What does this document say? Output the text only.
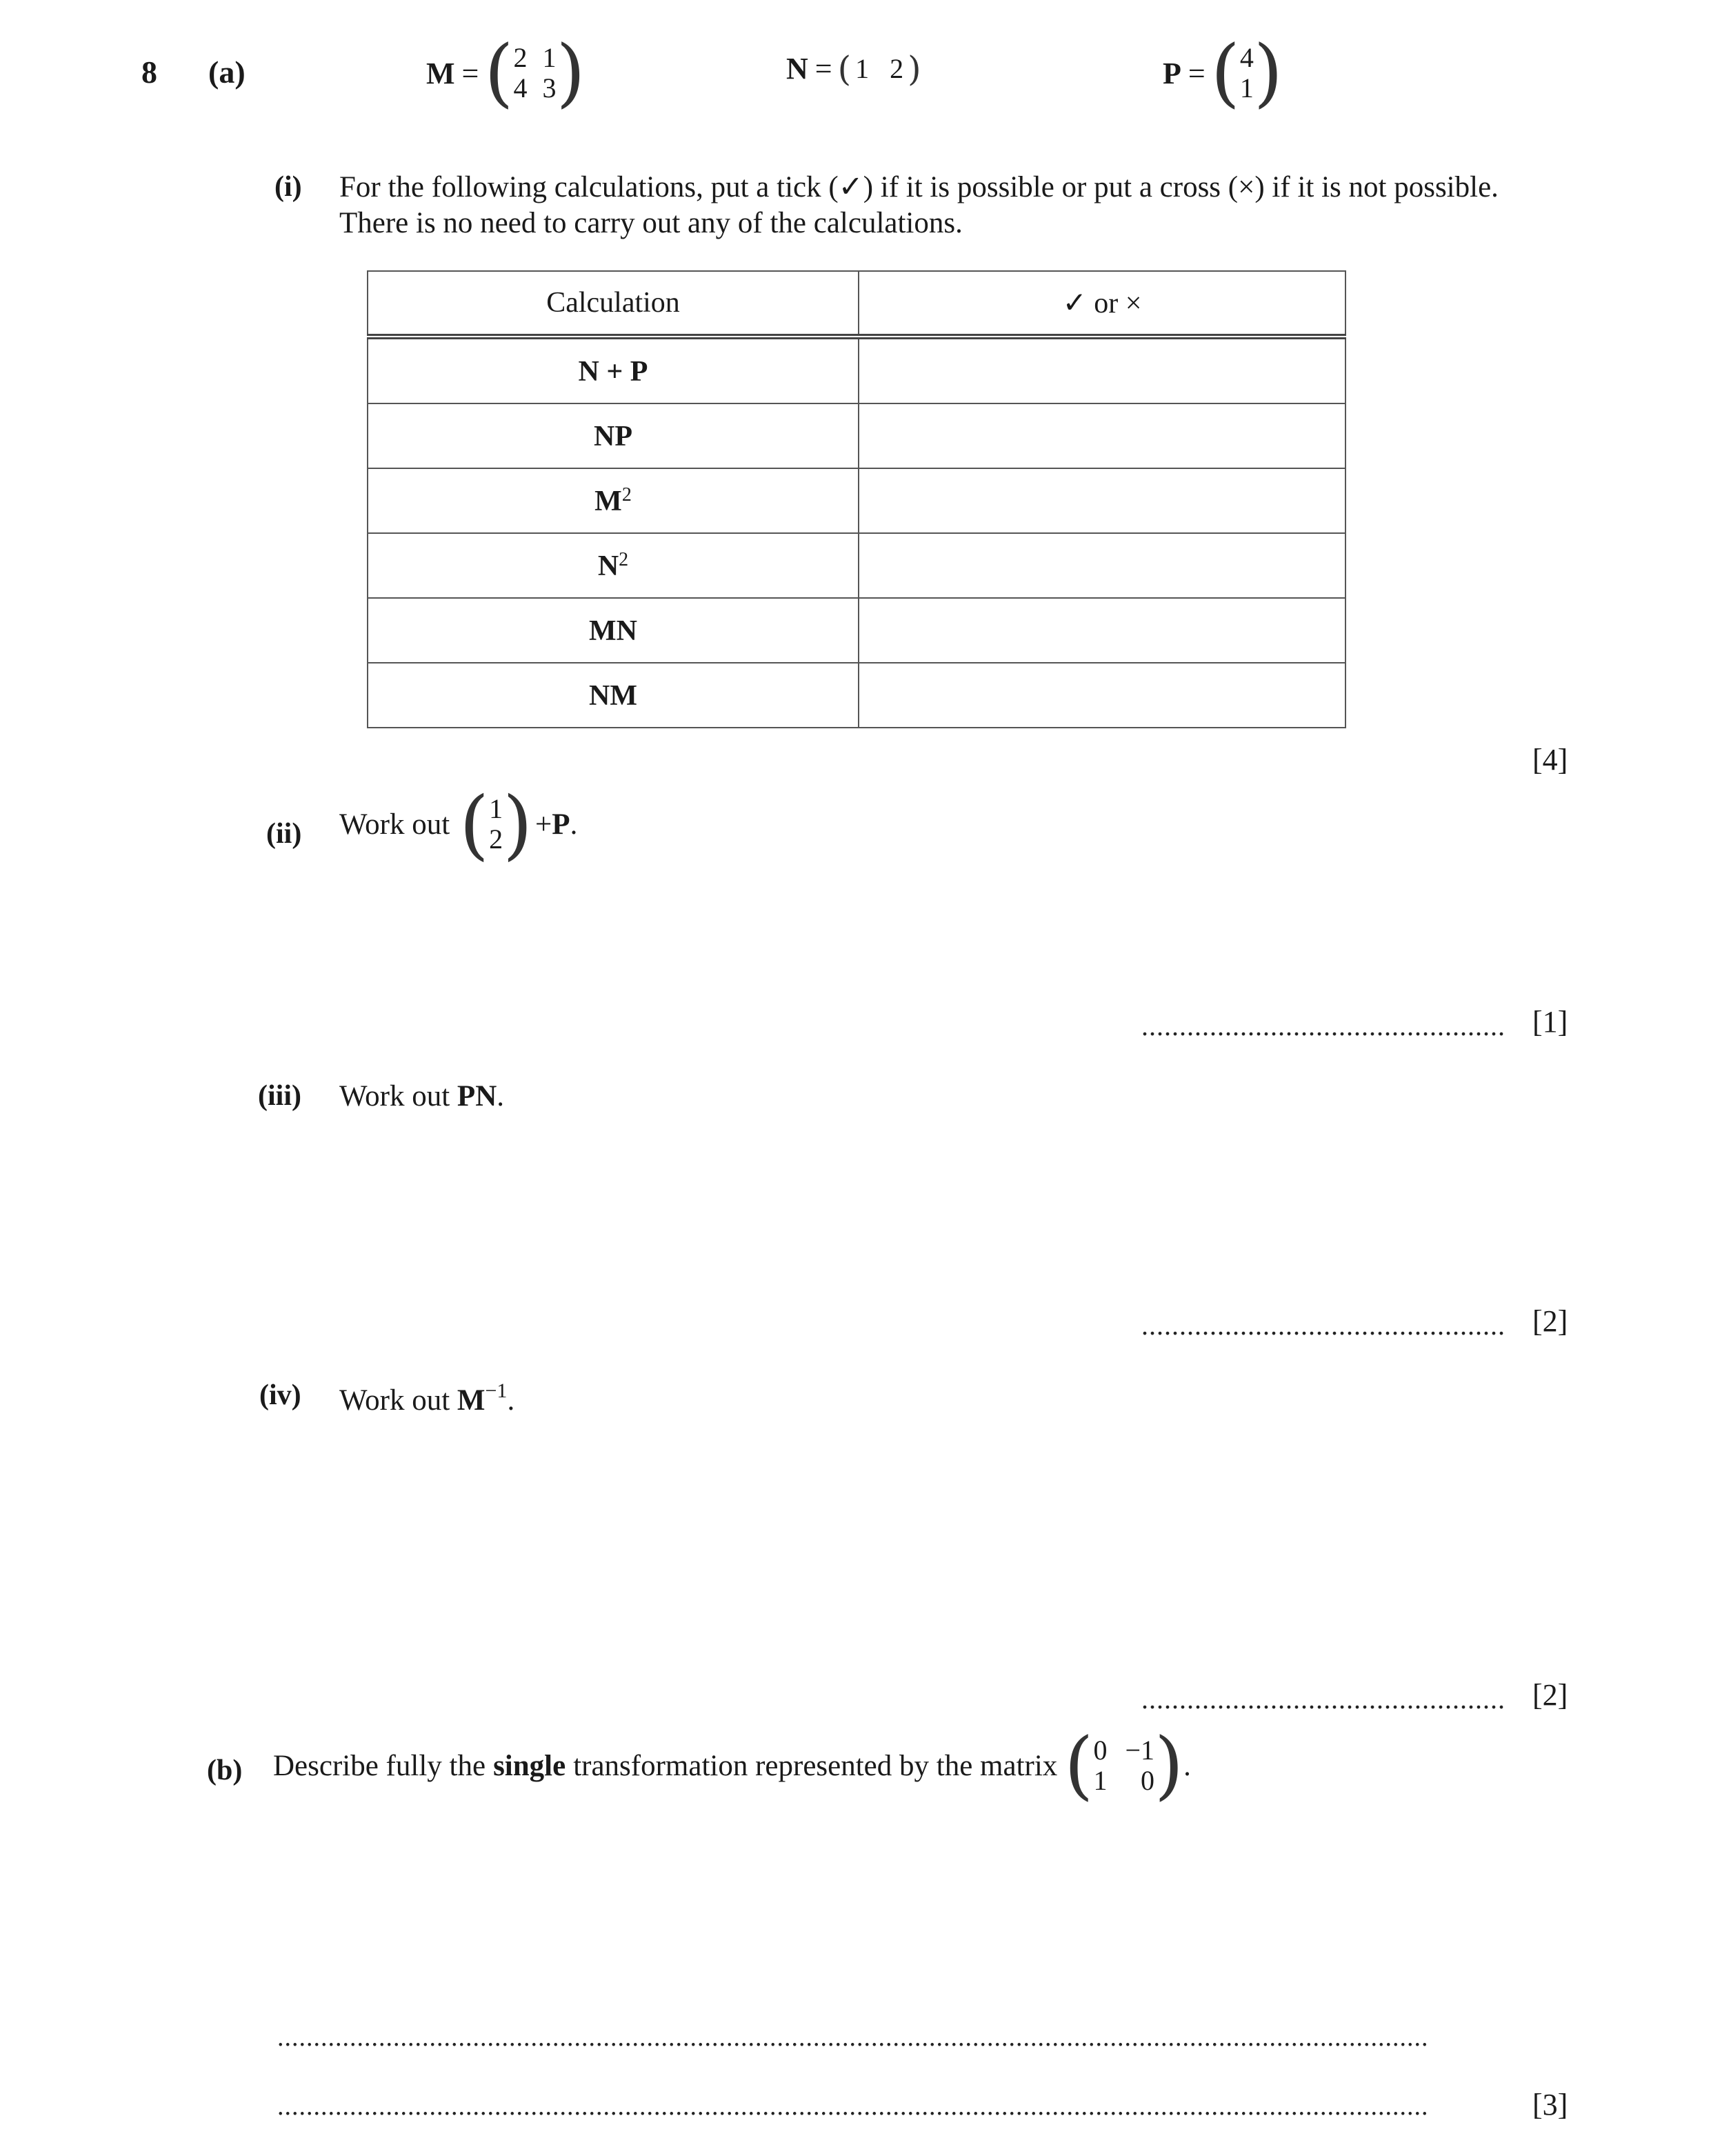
8 (a)	M = ( 2 1
4 3 )	N = ( 1 2 )	P = ( 4
1 )
(i) For the following calculations, put a tick (✓) if it is possible or put a cross (×) if it is not possible.
There is no need to carry out any of the calculations.
Calculation	✓ or ×
N + P	
NP	
$M^2$	
$N^2$	
MN	
NM	
[4]
(ii) Work out ( 1
2 ) + P .
................................................ [1]
(iii) Work out PN.
................................................ [2]
(iv) Work out $M^{-1}$.
................................................ [2]
(b) Describe fully the single transformation represented by the matrix ( 0 −1
1	0 ) .
...............................................................................................................................................................
...............................................................................................................................................................	[3]
